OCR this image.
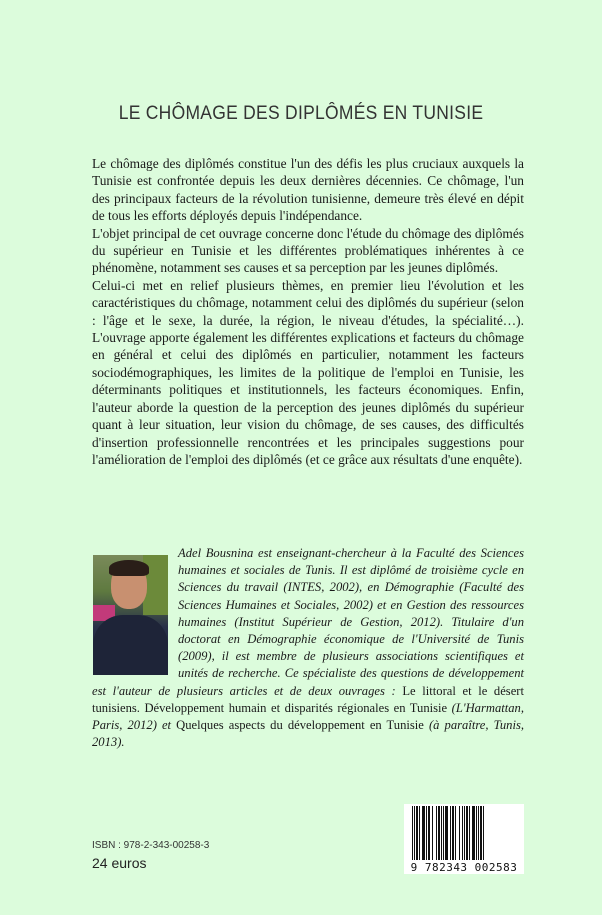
LE CHÔMAGE DES DIPLÔMÉS EN TUNISIE

Le chômage des diplômés constitue l'un des défis les plus cruciaux auxquels la Tunisie est confrontée depuis les deux dernières décennies. Ce chômage, l'un des principaux facteurs de la révolution tunisienne, demeure très élevé en dépit de tous les efforts déployés depuis l'indépendance.

L'objet principal de cet ouvrage concerne donc l'étude du chômage des diplômés du supérieur en Tunisie et les différentes problématiques inhérentes à ce phénomène, notamment ses causes et sa perception par les jeunes diplômés.

Celui-ci met en relief plusieurs thèmes, en premier lieu l'évolution et les caractéristiques du chômage, notamment celui des diplômés du supérieur (selon : l'âge et le sexe, la durée, la région, le niveau d'études, la spécialité…). L'ouvrage apporte également les différentes explications et facteurs du chômage en général et celui des diplômés en particulier, notamment les facteurs sociodémographiques, les limites de la politique de l'emploi en Tunisie, les déterminants politiques et institutionnels, les facteurs économiques. Enfin, l'auteur aborde la question de la perception des jeunes diplômés du supérieur quant à leur situation, leur vision du chômage, de ses causes, des difficultés d'insertion professionnelle rencontrées et les principales suggestions pour l'amélioration de l'emploi des diplômés (et ce grâce aux résultats d'une enquête).

Adel Bousnina est enseignant-chercheur à la Faculté des Sciences humaines et sociales de Tunis. Il est diplômé de troisième cycle en Sciences du travail (INTES, 2002), en Démographie (Faculté des Sciences Humaines et Sociales, 2002) et en Gestion des ressources humaines (Institut Supérieur de Gestion, 2012). Titulaire d'un doctorat en Démographie économique de l'Université de Tunis (2009), il est membre de plusieurs associations scientifiques et unités de recherche. Ce spécialiste des questions de développement est l'auteur de plusieurs articles et de deux ouvrages : Le littoral et le désert tunisiens. Développement humain et disparités régionales en Tunisie (L'Harmattan, Paris, 2012) et Quelques aspects du développement en Tunisie (à paraître, Tunis, 2013).
ISBN : 978-2-343-00258-3
24 euros	9 782343 002583
